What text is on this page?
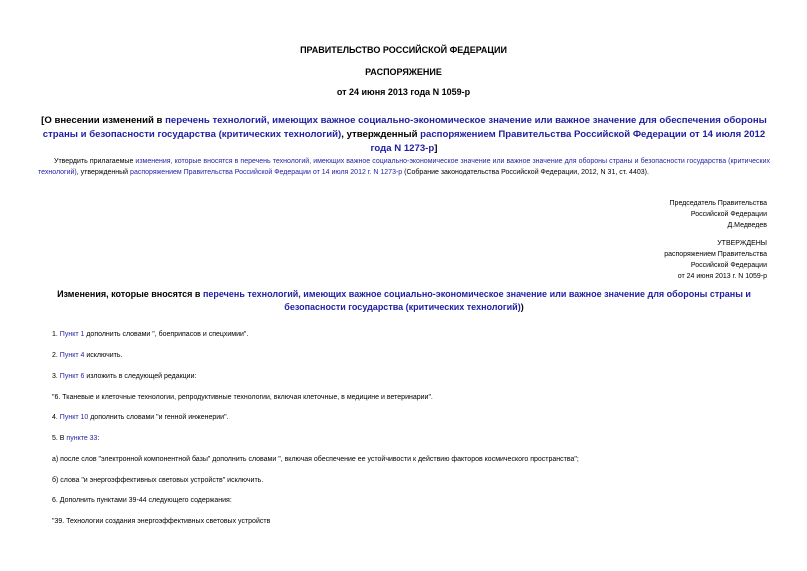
ПРАВИТЕЛЬСТВО РОССИЙСКОЙ ФЕДЕРАЦИИ
РАСПОРЯЖЕНИЕ
от 24 июня 2013 года N 1059-р
[О внесении изменений в перечень технологий, имеющих важное социально-экономическое значение или важное значение для обеспечения обороны страны и безопасности государства (критических технологий), утвержденный распоряжением Правительства Российской Федерации от 14 июля 2012 года N 1273-р]
Утвердить прилагаемые изменения, которые вносятся в перечень технологий, имеющих важное социально-экономическое значение или важное значение для обороны страны и безопасности государства (критических технологий), утвержденный распоряжением Правительства Российской Федерации от 14 июля 2012 г. N 1273-р (Собрание законодательства Российской Федерации, 2012, N 31, ст. 4403).
Председатель Правительства
Российской Федерации
Д.Медведев
УТВЕРЖДЕНЫ
распоряжением Правительства
Российской Федерации
от 24 июня 2013 г. N 1059-р
Изменения, которые вносятся в перечень технологий, имеющих важное социально-экономическое значение или важное значение для обороны страны и безопасности государства (критических технологий))
1. Пункт 1 дополнить словами ", боеприпасов и спецхимии".
2. Пункт 4 исключить.
3. Пункт 6 изложить в следующей редакции:
"6. Тканевые и клеточные технологии, репродуктивные технологии, включая клеточные, в медицине и ветеринарии".
4. Пункт 10 дополнить словами "и генной инженерии".
5. В пункте 33:
а) после слов "электронной компонентной базы" дополнить словами ", включая обеспечение ее устойчивости к действию факторов космического пространства";
б) слова "и энергоэффективных световых устройств" исключить.
6. Дополнить пунктами 39-44 следующего содержания:
"39. Технологии создания энергоэффективных световых устройств
